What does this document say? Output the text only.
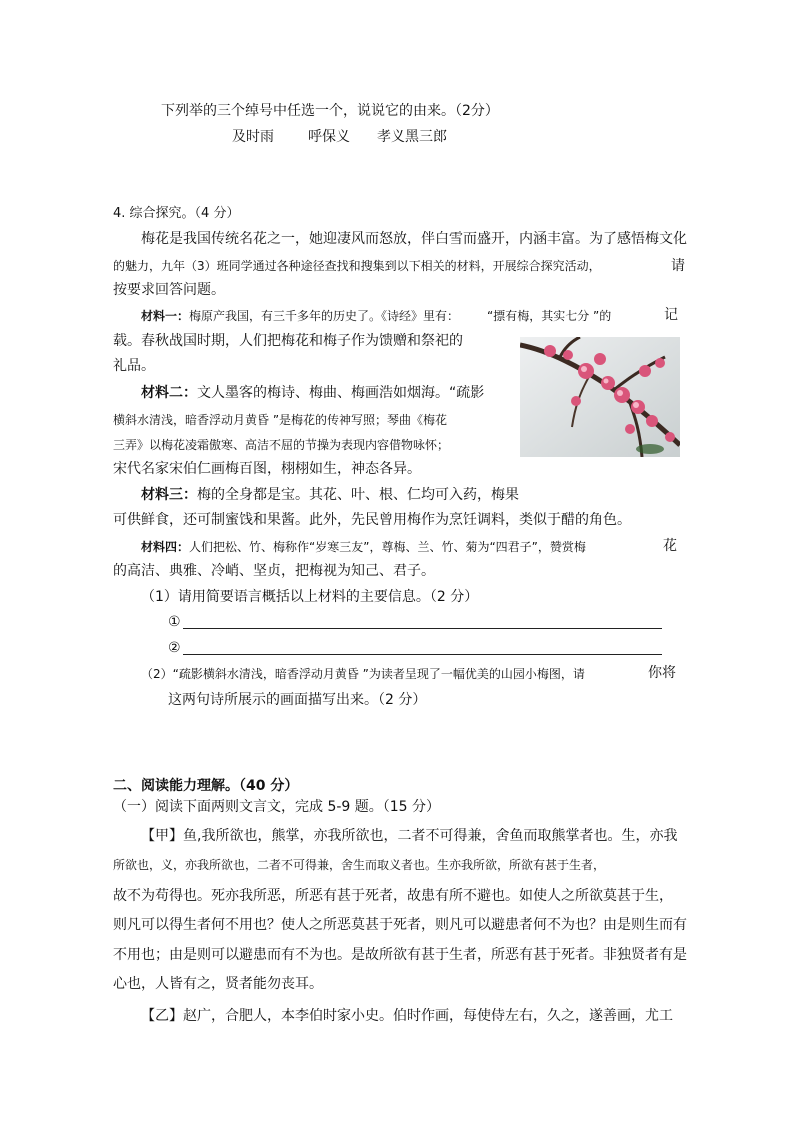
下列举的三个绰号中任选一个，说说它的由来。（2分）
及时雨 呼保义 孝义黑三郎
4. 综合探究。（4 分）
梅花是我国传统名花之一，她迎凄风而怒放，伴白雪而盛开，内涵丰富。为了感悟梅文化
的魅力，九年（3）班同学通过各种途径查找和搜集到以下相关的材料，开展综合探究活动，	请
按要求回答问题。
材料一：梅原产我国，有三千多年的历史了。《诗经》里有： “摽有梅，其实七分 ”的	记
载。春秋战国时期，人们把梅花和梅子作为馈赠和祭祀的
礼品。
材料二：文人墨客的梅诗、梅曲、梅画浩如烟海。“疏影
横斜水清浅，暗香浮动月黄昏 ”是梅花的传神写照；琴曲《梅花
三弄》以梅花凌霜傲寒、高洁不屈的节操为表现内容借物咏怀；
宋代名家宋伯仁画梅百图，栩栩如生，神态各异。
材料三：梅的全身都是宝。其花、叶、根、仁均可入药，梅果
可供鲜食，还可制蜜饯和果酱。此外，先民曾用梅作为烹饪调料，类似于醋的角色。
材料四：人们把松、竹、梅称作“岁寒三友”，尊梅、兰、竹、菊为“四君子”，赞赏梅	花
的高洁、典雅、冷峭、坚贞，把梅视为知己、君子。
（1）请用简要语言概括以上材料的主要信息。（2 分）
①
②
（2）“疏影横斜水清浅，暗香浮动月黄昏 ”为读者呈现了一幅优美的山园小梅图，请	你将
这两句诗所展示的画面描写出来。（2 分）
二、阅读能力理解。（40 分）
（一）阅读下面两则文言文，完成 5-9 题。（15 分）
【甲】鱼,我所欲也，熊掌，亦我所欲也，二者不可得兼，舍鱼而取熊掌者也。生，亦我
所欲也，义，亦我所欲也，二者不可得兼，舍生而取义者也。生亦我所欲，所欲有甚于生者，
故不为苟得也。死亦我所恶，所恶有甚于死者，故患有所不避也。如使人之所欲莫甚于生，
则凡可以得生者何不用也？使人之所恶莫甚于死者，则凡可以避患者何不为也？由是则生而有
不用也；由是则可以避患而有不为也。是故所欲有甚于生者，所恶有甚于死者。非独贤者有是
心也，人皆有之，贤者能勿丧耳。
【乙】赵广，合肥人，本李伯时家小史。伯时作画，每使侍左右，久之，遂善画，尤工
